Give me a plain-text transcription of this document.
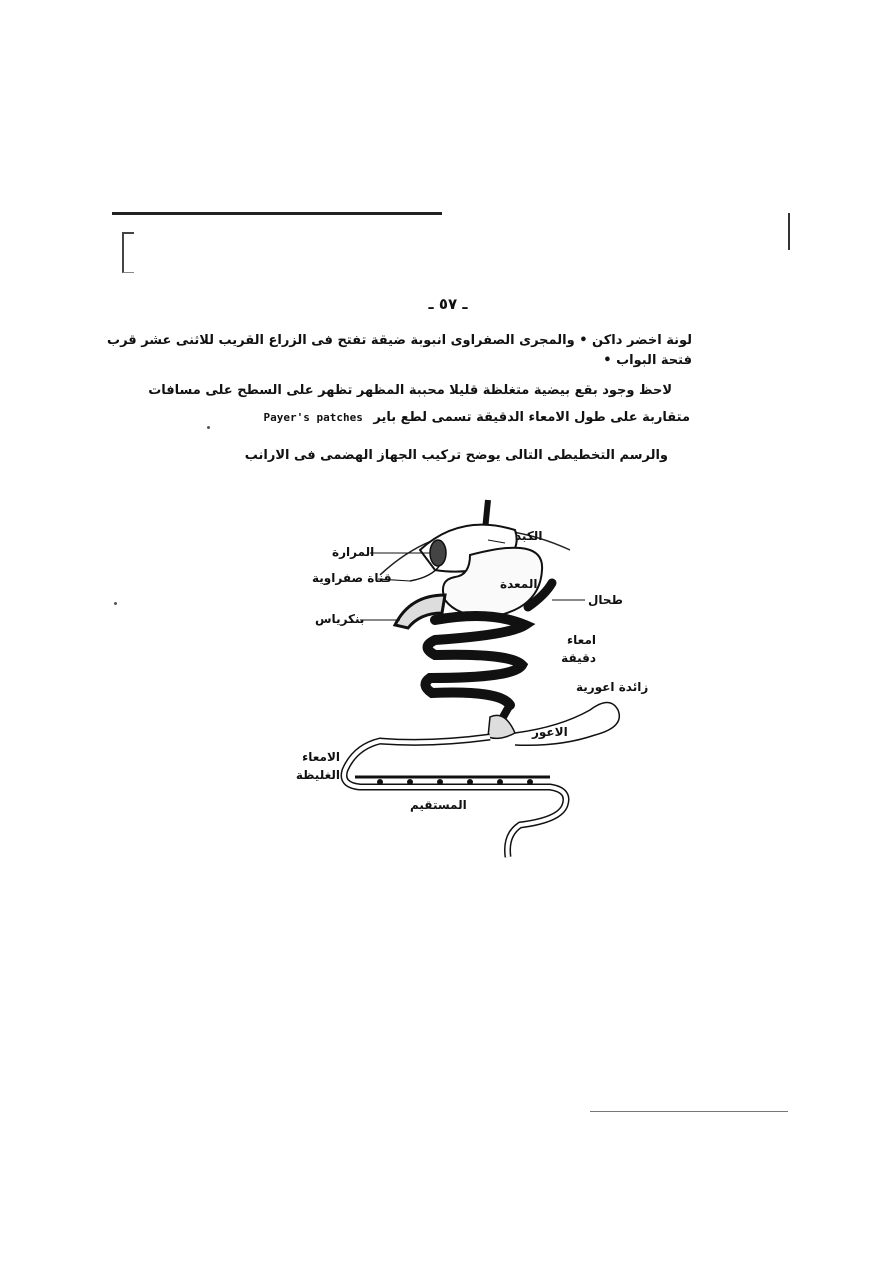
ـ ٥٧ ـ
لونة اخضر داكن • والمجرى الصفراوى انبوبة ضيقة تفتح فى الزراع القريب للاثنى عشر قرب
فتحة البواب •
لاحظ وجود بقع بيضية متغلظة قليلا محببة المظهر تظهر على السطح على مسافات
متقاربة على طول الامعاء الدقيقة تسمى لطع باير Payer's patches
والرسم التخطيطى التالى يوضح تركيب الجهاز الهضمى فى الارانب
الكبد
المرارة
قناة صفراوية	المعدة
طحال
بنكرياس
امعاء دقيقة
زائدة اعورية
الاعور
الامعاء الغليظة
المستقيم
